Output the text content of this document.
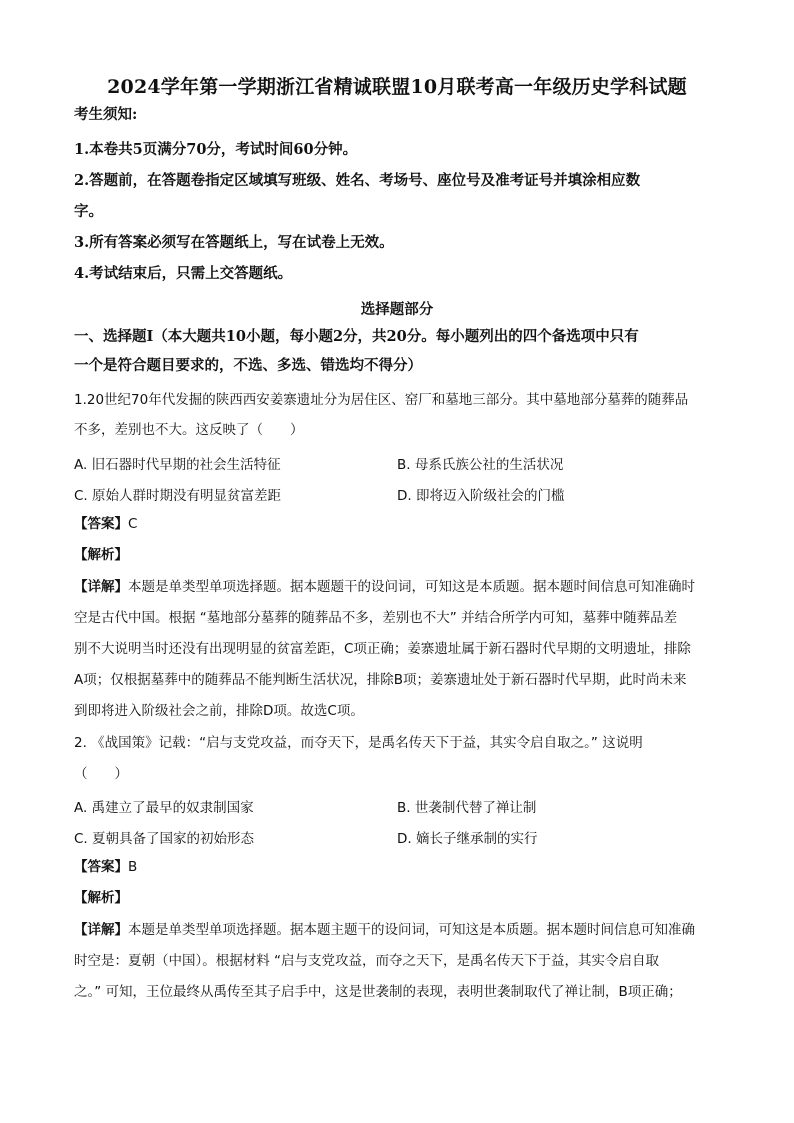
2024学年第一学期浙江省精诚联盟10月联考高一年级历史学科试题
考生须知:
1.本卷共5页满分70分，考试时间60分钟。
2.答题前，在答题卷指定区域填写班级、姓名、考场号、座位号及准考证号并填涂相应数
字。
3.所有答案必须写在答题纸上，写在试卷上无效。
4.考试结束后，只需上交答题纸。
选择题部分
一、选择题Ⅰ（本大题共10小题，每小题2分，共20分。每小题列出的四个备选项中只有
一个是符合题目要求的，不选、多选、错选均不得分）
1.20世纪70年代发掘的陕西西安姜寨遗址分为居住区、窑厂和墓地三部分。其中墓地部分墓葬的随葬品
不多，差别也不大。这反映了（　　）
A. 旧石器时代早期的社会生活特征	B. 母系氏族公社的生活状况
C. 原始人群时期没有明显贫富差距	D. 即将迈入阶级社会的门槛
【答案】C
【解析】
【详解】本题是单类型单项选择题。据本题题干的设问词，可知这是本质题。据本题时间信息可知准确时
空是古代中国。根据 “墓地部分墓葬的随葬品不多，差别也不大” 并结合所学内可知，墓葬中随葬品差
别不大说明当时还没有出现明显的贫富差距，C项正确；姜寨遗址属于新石器时代早期的文明遗址，排除
A项；仅根据墓葬中的随葬品不能判断生活状况，排除B项；姜寨遗址处于新石器时代早期，此时尚未来
到即将进入阶级社会之前，排除D项。故选C项。
2. 《战国策》记载：“启与支党攻益，而夺天下，是禹名传天下于益，其实令启自取之。” 这说明
（　　）
A. 禹建立了最早的奴隶制国家	B. 世袭制代替了禅让制
C. 夏朝具备了国家的初始形态	D. 嫡长子继承制的实行
【答案】B
【解析】
【详解】本题是单类型单项选择题。据本题主题干的设问词，可知这是本质题。据本题时间信息可知准确
时空是：夏朝（中国）。根据材料 “启与支党攻益，而夺之天下，是禹名传天下于益，其实令启自取
之。” 可知，王位最终从禹传至其子启手中，这是世袭制的表现，表明世袭制取代了禅让制，B项正确；
